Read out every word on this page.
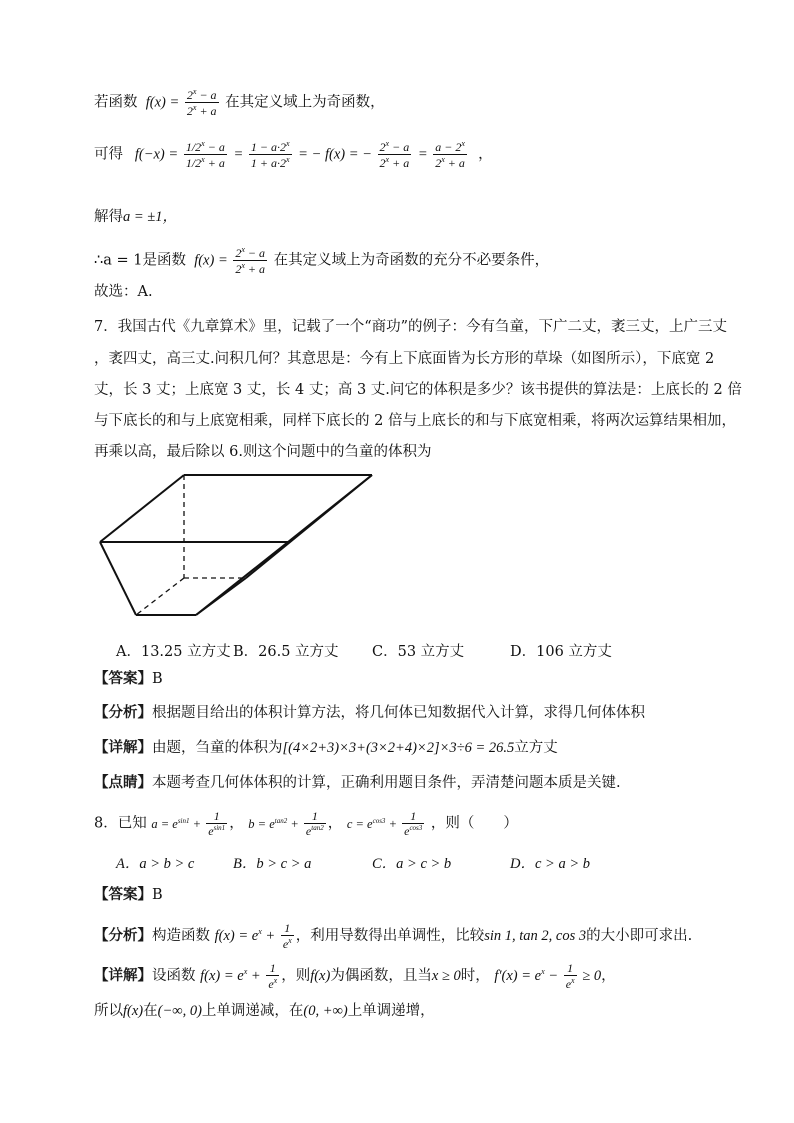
若函数  $f(x) = \frac{2^x - a}{2^x + a}$ 在其定义域上为奇函数，
可得   $f(-x) = \frac{1/2^x - a}{1/2^x + a} = \frac{1 - a\cdot 2^x}{1 + a\cdot 2^x}$ = − f(x) = − $\frac{2^x - a}{2^x + a} = \frac{a - 2^x}{2^x + a}$ ，
解得a = ±1，
∴a = 1是函数  $f(x) = \frac{2^x - a}{2^x + a}$ 在其定义域上为奇函数的充分不必要条件，
故选：A.
7．我国古代《九章算术》里，记载了一个“商功”的例子：今有刍童，下广二丈，袤三丈，上广三丈
，袤四丈，高三丈.问积几何？其意思是：今有上下底面皆为长方形的草垛（如图所示），下底宽 2
丈，长 3 丈；上底宽 3 丈，长 4 丈；高 3 丈.问它的体积是多少？该书提供的算法是：上底长的 2 倍
与下底长的和与上底宽相乘，同样下底长的 2 倍与上底长的和与下底宽相乘，将两次运算结果相加，
再乘以高，最后除以 6.则这个问题中的刍童的体积为
A．13.25 立方丈 B．26.5 立方丈 C．53 立方丈	D．106 立方丈
【答案】B
【分析】根据题目给出的体积计算方法，将几何体已知数据代入计算，求得几何体体积
【详解】由题，刍童的体积为[(4×2+3)×3+(3×2+4)×2]×3÷6 = 26.5立方丈
【点睛】本题考查几何体体积的计算，正确利用题目条件，弄清楚问题本质是关键.
8．已知 $a = e^{sin1} + \frac{1}{e^{sin1}}$ ， $b = e^{tan2} + \frac{1}{e^{tan2}}$ ， $c = e^{cos3} + \frac{1}{e^{cos3}}$ ，则（　　）
A．a > b > c	B．b > c > a	C．a > c > b	D．c > a > b
【答案】B
【分析】构造函数 $f(x) = e^x + \frac{1}{e^x}$ ，利用导数得出单调性，比较sin 1, tan 2, cos 3的大小即可求出.
【详解】设函数 $f(x) = e^x + \frac{1}{e^x}$ ，则f(x)为偶函数，且当x ≥ 0时， $f'(x) = e^x - \frac{1}{e^x} \ge 0$，
所以f(x)在(−∞, 0)上单调递减，在(0, +∞)上单调递增，
